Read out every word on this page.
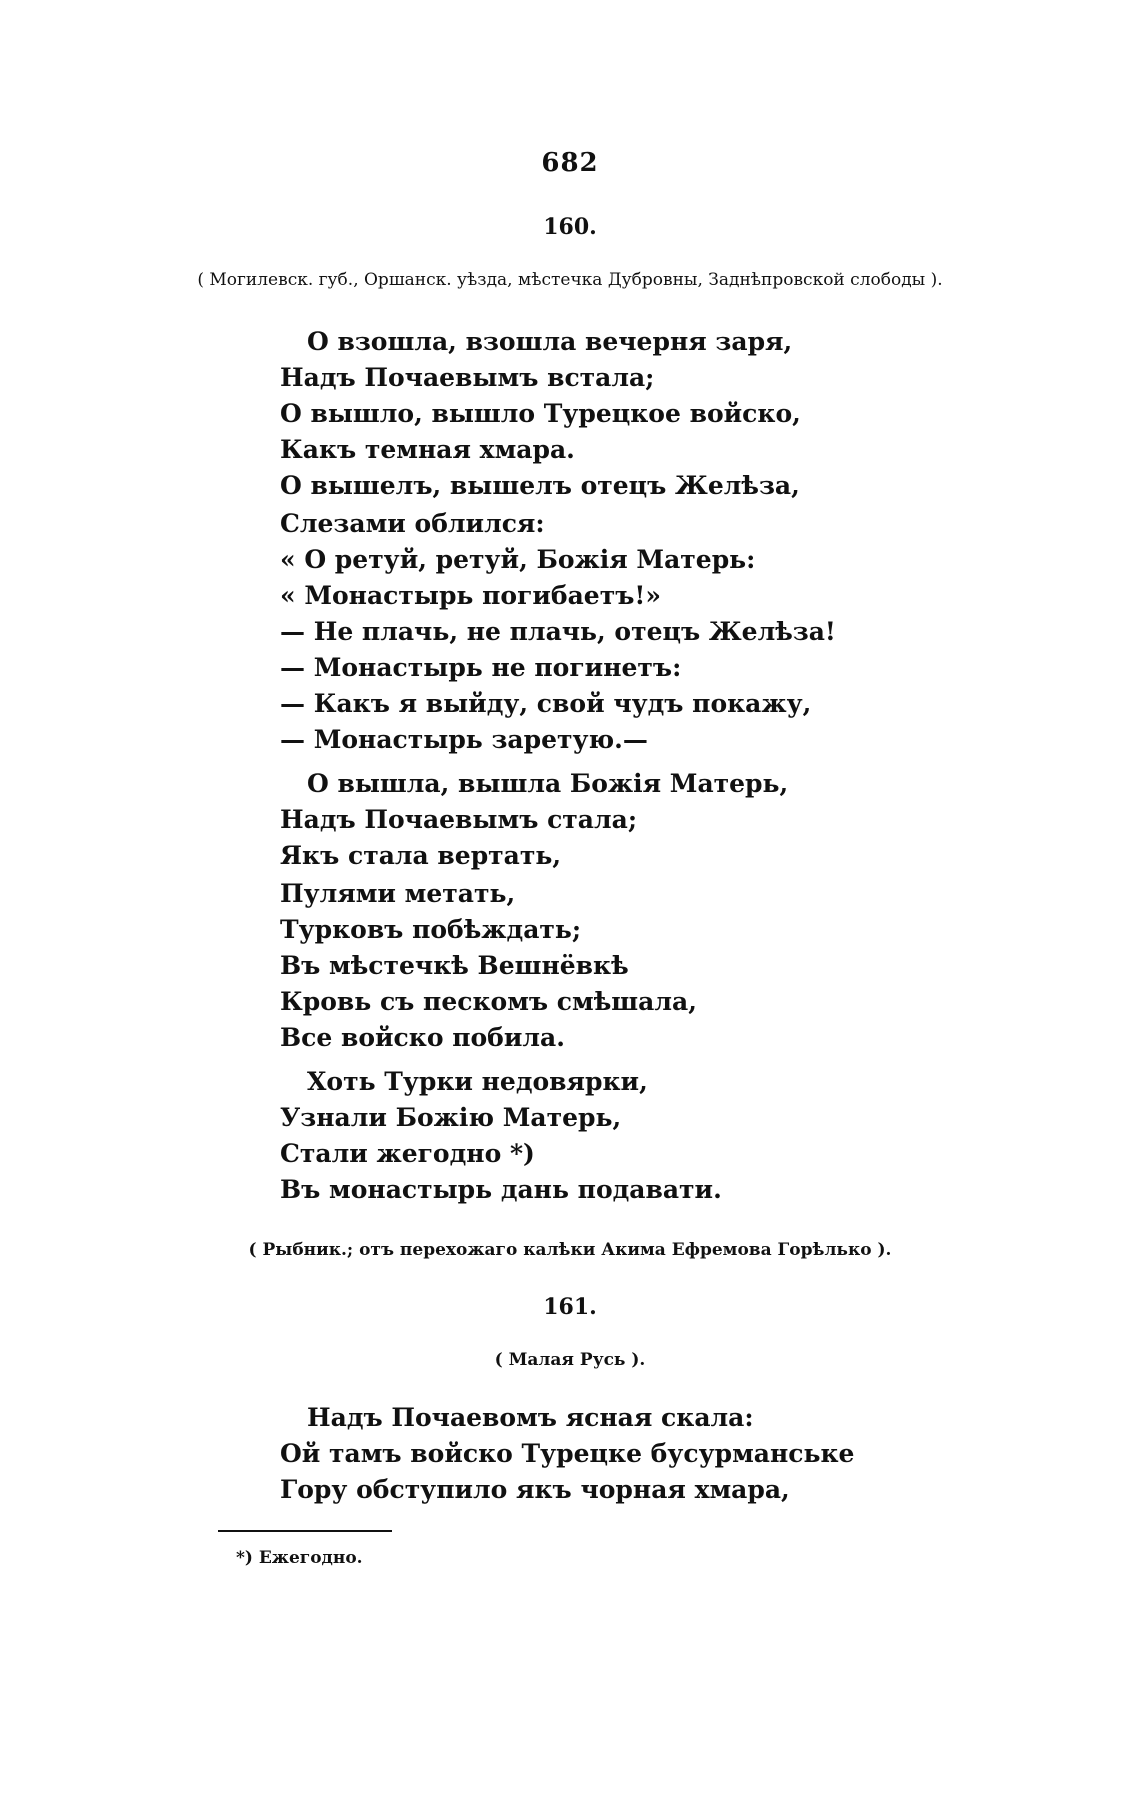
682
160.
( Могилевск. губ., Оршанск. уѣзда, мѣстечка Дубровны, Заднѣпровской слободы ).
О взошла, взошла вечерня заря,
Надъ Почаевымъ встала;
О вышло, вышло Турецкое войско,
Какъ темная хмара.
О вышелъ, вышелъ отецъ Желѣза,
Слезами облился:
« О ретуй, ретуй, Божія Матерь:
« Монастырь погибаетъ!»
— Не плачь, не плачь, отецъ Желѣза!
— Монастырь не погинетъ:
— Какъ я выйду, свой чудъ покажу,
— Монастырь заретую.—
О вышла, вышла Божія Матерь,
Надъ Почаевымъ стала;
Якъ стала вертать,
Пулями метать,
Турковъ побѣждать;
Въ мѣстечкѣ Вешнёвкѣ
Кровь съ пескомъ смѣшала,
Все войско побила.
Хоть Турки недовярки,
Узнали Божію Матерь,
Стали жегодно *)
Въ монастырь дань подавати.
( Рыбник.; отъ перехожаго калѣки Акима Ефремова Горѣлько ).
161.
( Малая Русь ).
Надъ Почаевомъ ясная скала:
Ой тамъ войско Турецке бусурманське
Гору обступило якъ чорная хмара,
*) Ежегодно.
